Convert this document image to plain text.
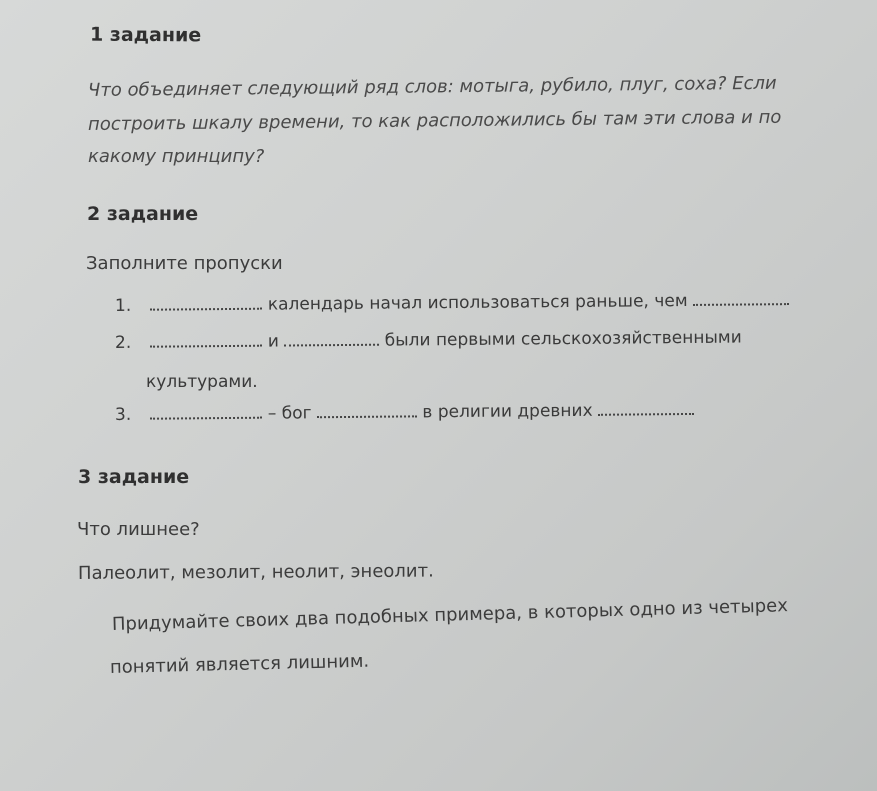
1 задание
Что объединяет следующий ряд слов: мотыга, рубило, плуг, соха? Если
построить шкалу времени, то как расположились бы там эти слова и по
какому принципу?
2 задание
Заполните пропуски
1.	календарь начал использоваться раньше, чем
2.	и	были первыми сельскохозяйственными
культурами.
3.	– бог	в религии древних
3 задание
Что лишнее?
Палеолит, мезолит, неолит, энеолит.
Придумайте своих два подобных примера, в которых одно из четырех
понятий является лишним.
